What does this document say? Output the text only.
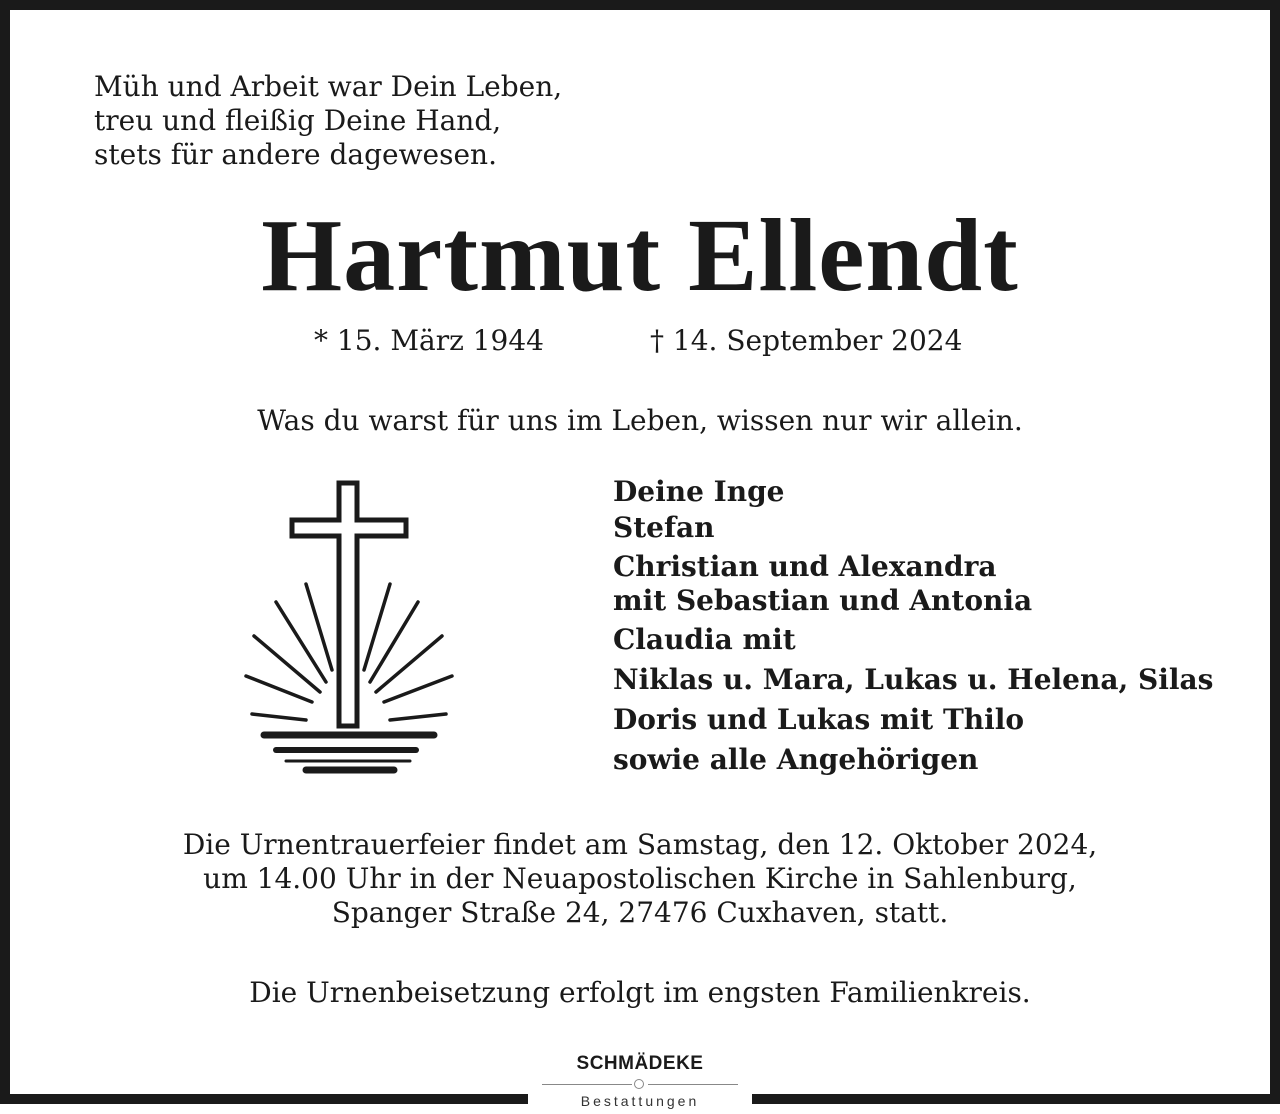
Müh und Arbeit war Dein Leben,
treu und fleißig Deine Hand,
stets für andere dagewesen.
Hartmut Ellendt
* 15. März 1944	† 14. September 2024
Was du warst für uns im Leben, wissen nur wir allein.
Deine Inge
Stefan
Christian und Alexandra
mit Sebastian und Antonia
Claudia mit
Niklas u. Mara, Lukas u. Helena, Silas
Doris und Lukas mit Thilo
sowie alle Angehörigen
Die Urnentrauerfeier findet am Samstag, den 12. Oktober 2024,
um 14.00 Uhr in der Neuapostolischen Kirche in Sahlenburg,
Spanger Straße 24, 27476 Cuxhaven, statt.
Die Urnenbeisetzung erfolgt im engsten Familienkreis.
SCHMÄDEKE
Bestattungen
